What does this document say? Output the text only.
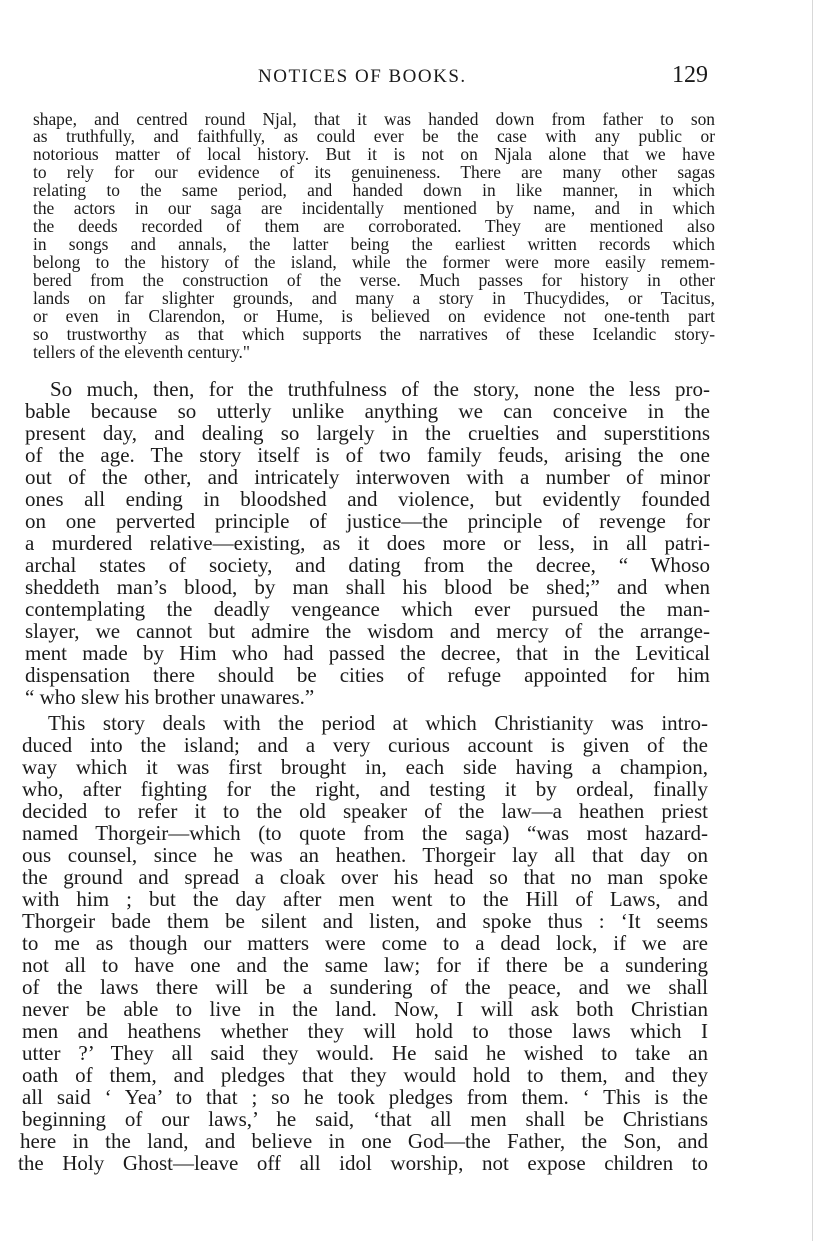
NOTICES OF BOOKS.	129
shape, and centred round Njal, that it was handed down from father to son
as truthfully, and faithfully, as could ever be the case with any public or
notorious matter of local history. But it is not on Njala alone that we have
to rely for our evidence of its genuineness. There are many other sagas
relating to the same period, and handed down in like manner, in which
the actors in our saga are incidentally mentioned by name, and in which
the deeds recorded of them are corroborated. They are mentioned also
in songs and annals, the latter being the earliest written records which
belong to the history of the island, while the former were more easily remem-
bered from the construction of the verse. Much passes for history in other
lands on far slighter grounds, and many a story in Thucydides, or Tacitus,
or even in Clarendon, or Hume, is believed on evidence not one-tenth part
so trustworthy as that which supports the narratives of these Icelandic story-
tellers of the eleventh century."
So much, then, for the truthfulness of the story, none the less pro-
bable because so utterly unlike anything we can conceive in the
present day, and dealing so largely in the cruelties and superstitions
of the age. The story itself is of two family feuds, arising the one
out of the other, and intricately interwoven with a number of minor
ones all ending in bloodshed and violence, but evidently founded
on one perverted principle of justice—the principle of revenge for
a murdered relative—existing, as it does more or less, in all patri-
archal states of society, and dating from the decree, “ Whoso
sheddeth man’s blood, by man shall his blood be shed;” and when
contemplating the deadly vengeance which ever pursued the man-
slayer, we cannot but admire the wisdom and mercy of the arrange-
ment made by Him who had passed the decree, that in the Levitical
dispensation there should be cities of refuge appointed for him
“ who slew his brother unawares.”
This story deals with the period at which Christianity was intro-
duced into the island; and a very curious account is given of the
way which it was first brought in, each side having a champion,
who, after fighting for the right, and testing it by ordeal, finally
decided to refer it to the old speaker of the law—a heathen priest
named Thorgeir—which (to quote from the saga) “was most hazard-
ous counsel, since he was an heathen. Thorgeir lay all that day on
the ground and spread a cloak over his head so that no man spoke
with him ; but the day after men went to the Hill of Laws, and
Thorgeir bade them be silent and listen, and spoke thus : ‘It seems
to me as though our matters were come to a dead lock, if we are
not all to have one and the same law; for if there be a sundering
of the laws there will be a sundering of the peace, and we shall
never be able to live in the land. Now, I will ask both Christian
men and heathens whether they will hold to those laws which I
utter ?’ They all said they would. He said he wished to take an
oath of them, and pledges that they would hold to them, and they
all said ‘ Yea’ to that ; so he took pledges from them. ‘ This is the
beginning of our laws,’ he said, ‘that all men shall be Christians
here in the land, and believe in one God—the Father, the Son, and
the Holy Ghost—leave off all idol worship, not expose children to
